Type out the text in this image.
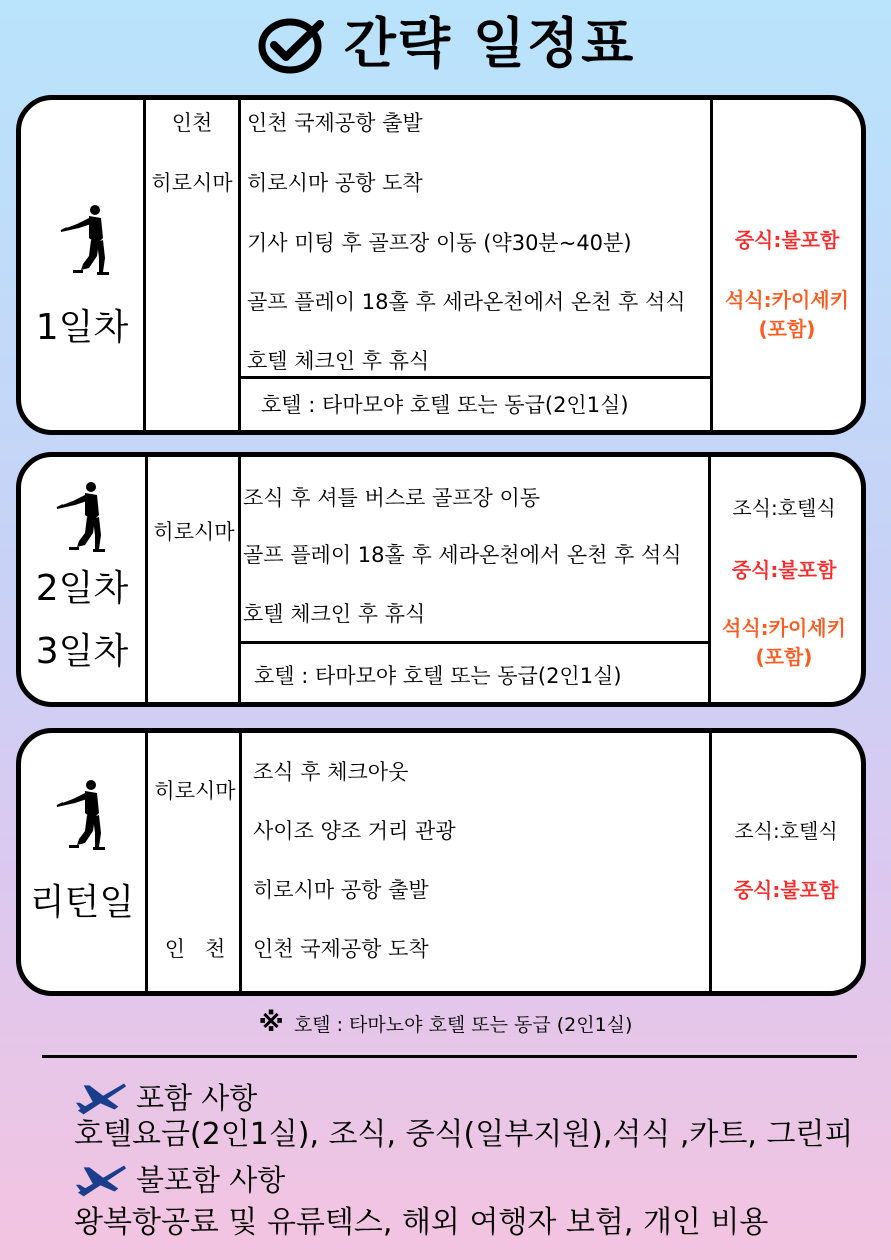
간략 일정표
1일차
인천
히로시마
인천 국제공항 출발
히로시마 공항 도착
기사 미팅 후 골프장 이동 (약30분~40분)
골프 플레이 18홀 후 세라온천에서 온천 후 석식
호텔 체크인 후 휴식
호텔 : 타마모야 호텔 또는 동급(2인1실)
중식:불포함
석식:카이세키
(포함)
2일차
3일차
히로시마
조식 후 셔틀 버스로 골프장 이동
골프 플레이 18홀 후 세라온천에서 온천 후 석식
호텔 체크인 후 휴식
호텔 : 타마모야 호텔 또는 동급(2인1실)
조식:호텔식
중식:불포함
석식:카이세키
(포함)
리턴일
히로시마
인   천
조식 후 체크아웃
사이조 양조 거리 관광
히로시마 공항 출발
인천 국제공항 도착
조식:호텔식
중식:불포함
※ 호텔 : 타마노야 호텔 또는 동급 (2인1실)
포함 사항
호텔요금(2인1실), 조식, 중식(일부지원),석식 ,카트, 그린피
불포함 사항
왕복항공료 및 유류텍스, 해외 여행자 보험, 개인 비용
